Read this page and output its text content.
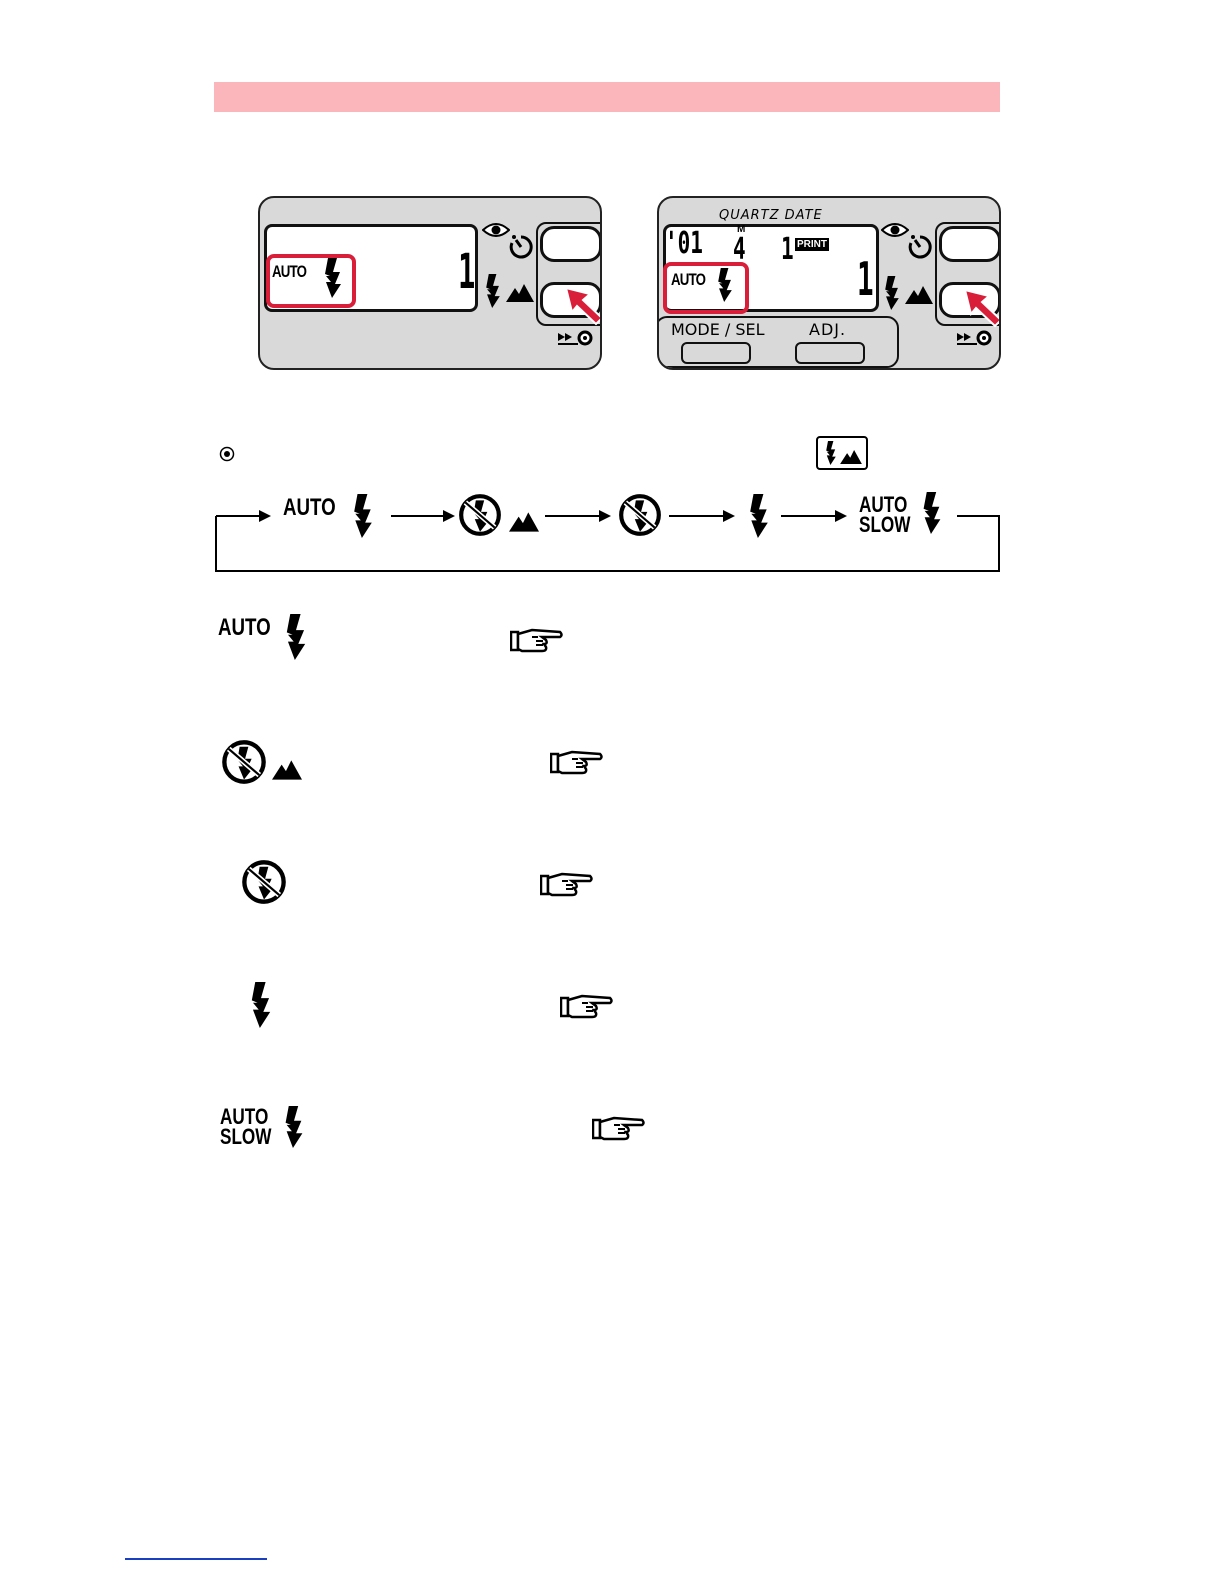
AUTO	1
QUARTZ DATE
'01	M
4 1 PRINT
AUTO	1
MODE / SEL	ADJ.
AUTO	AUTO
SLOW
AUTO
AUTO
SLOW
